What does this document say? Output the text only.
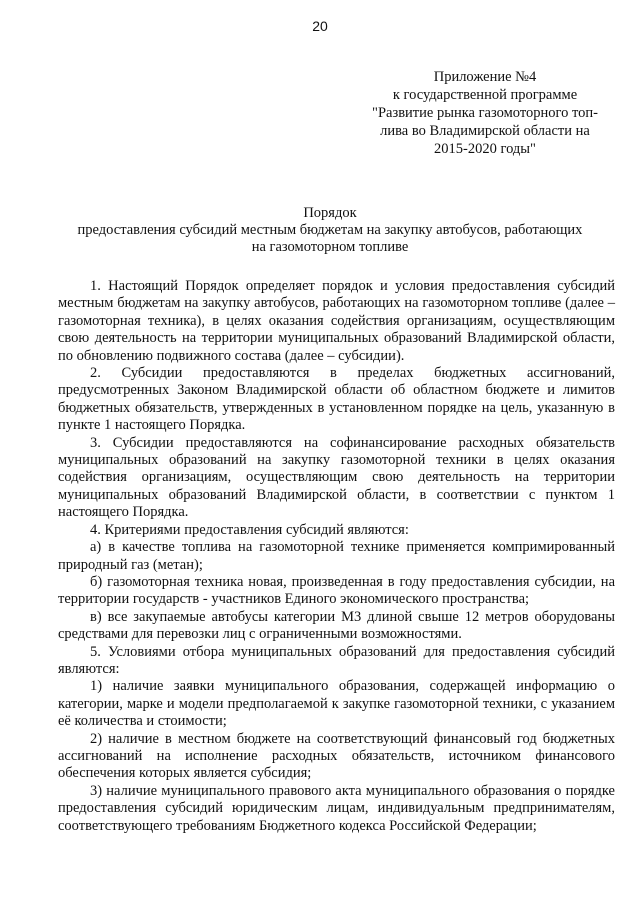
20
Приложение №4
к государственной программе
"Развитие рынка газомоторного топ-
лива во Владимирской области на
2015-2020 годы"
Порядок
предоставления субсидий местным бюджетам на закупку автобусов, работающих
на газомоторном топливе

1. Настоящий Порядок определяет порядок и условия предоставления субсидий местным бюджетам на закупку автобусов, работающих на газомоторном топливе (далее – газомоторная техника), в целях оказания содействия организациям, осуществляющим свою деятельность на территории муниципальных образований Владимирской области, по обновлению подвижного состава (далее – субсидии).

2. Субсидии предоставляются в пределах бюджетных ассигнований, предусмотренных Законом Владимирской области об областном бюджете и лимитов бюджетных обязательств, утвержденных в установленном порядке на цель, указанную в пункте 1 настоящего Порядка.

3. Субсидии предоставляются на софинансирование расходных обязательств муниципальных образований на закупку газомоторной техники в целях оказания содействия организациям, осуществляющим свою деятельность на территории муниципальных образований Владимирской области, в соответствии с пунктом 1 настоящего Порядка.

4. Критериями предоставления субсидий являются:

а) в качестве топлива на газомоторной технике применяется компримированный природный газ (метан);

б) газомоторная техника новая, произведенная в году предоставления субсидии, на территории государств - участников Единого экономического пространства;

в) все закупаемые автобусы категории М3 длиной свыше 12 метров оборудованы средствами для перевозки лиц с ограниченными возможностями.

5. Условиями отбора муниципальных образований для предоставления субсидий являются:

1) наличие заявки муниципального образования, содержащей информацию о категории, марке и модели предполагаемой к закупке газомоторной техники, с указанием её количества и стоимости;

2) наличие в местном бюджете на соответствующий финансовый год бюджетных ассигнований на исполнение расходных обязательств, источником финансового обеспечения которых является субсидия;

3) наличие муниципального правового акта муниципального образования о порядке предоставления субсидий юридическим лицам, индивидуальным предпринимателям, соответствующего требованиям Бюджетного кодекса Российской Федерации;
